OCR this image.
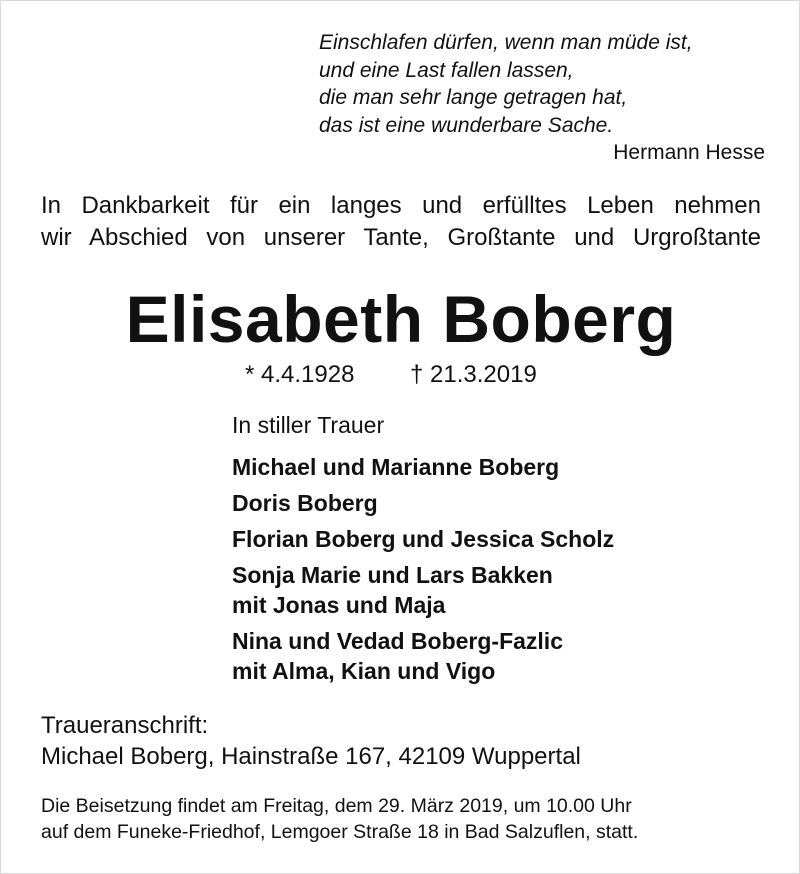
Einschlafen dürfen, wenn man müde ist,
und eine Last fallen lassen,
die man sehr lange getragen hat,
das ist eine wunderbare Sache.
Hermann Hesse
In Dankbarkeit für ein langes und erfülltes Leben nehmen
wir Abschied von unserer Tante, Großtante und Urgroßtante
Elisabeth Boberg
* 4.4.1928 † 21.3.2019
In stiller Trauer
Michael und Marianne Boberg
Doris Boberg
Florian Boberg und Jessica Scholz
Sonja Marie und Lars Bakken
mit Jonas und Maja
Nina und Vedad Boberg-Fazlic
mit Alma, Kian und Vigo
Traueranschrift:
Michael Boberg, Hainstraße 167, 42109 Wuppertal
Die Beisetzung findet am Freitag, dem 29. März 2019, um 10.00 Uhr
auf dem Funeke-Friedhof, Lemgoer Straße 18 in Bad Salzuflen, statt.
